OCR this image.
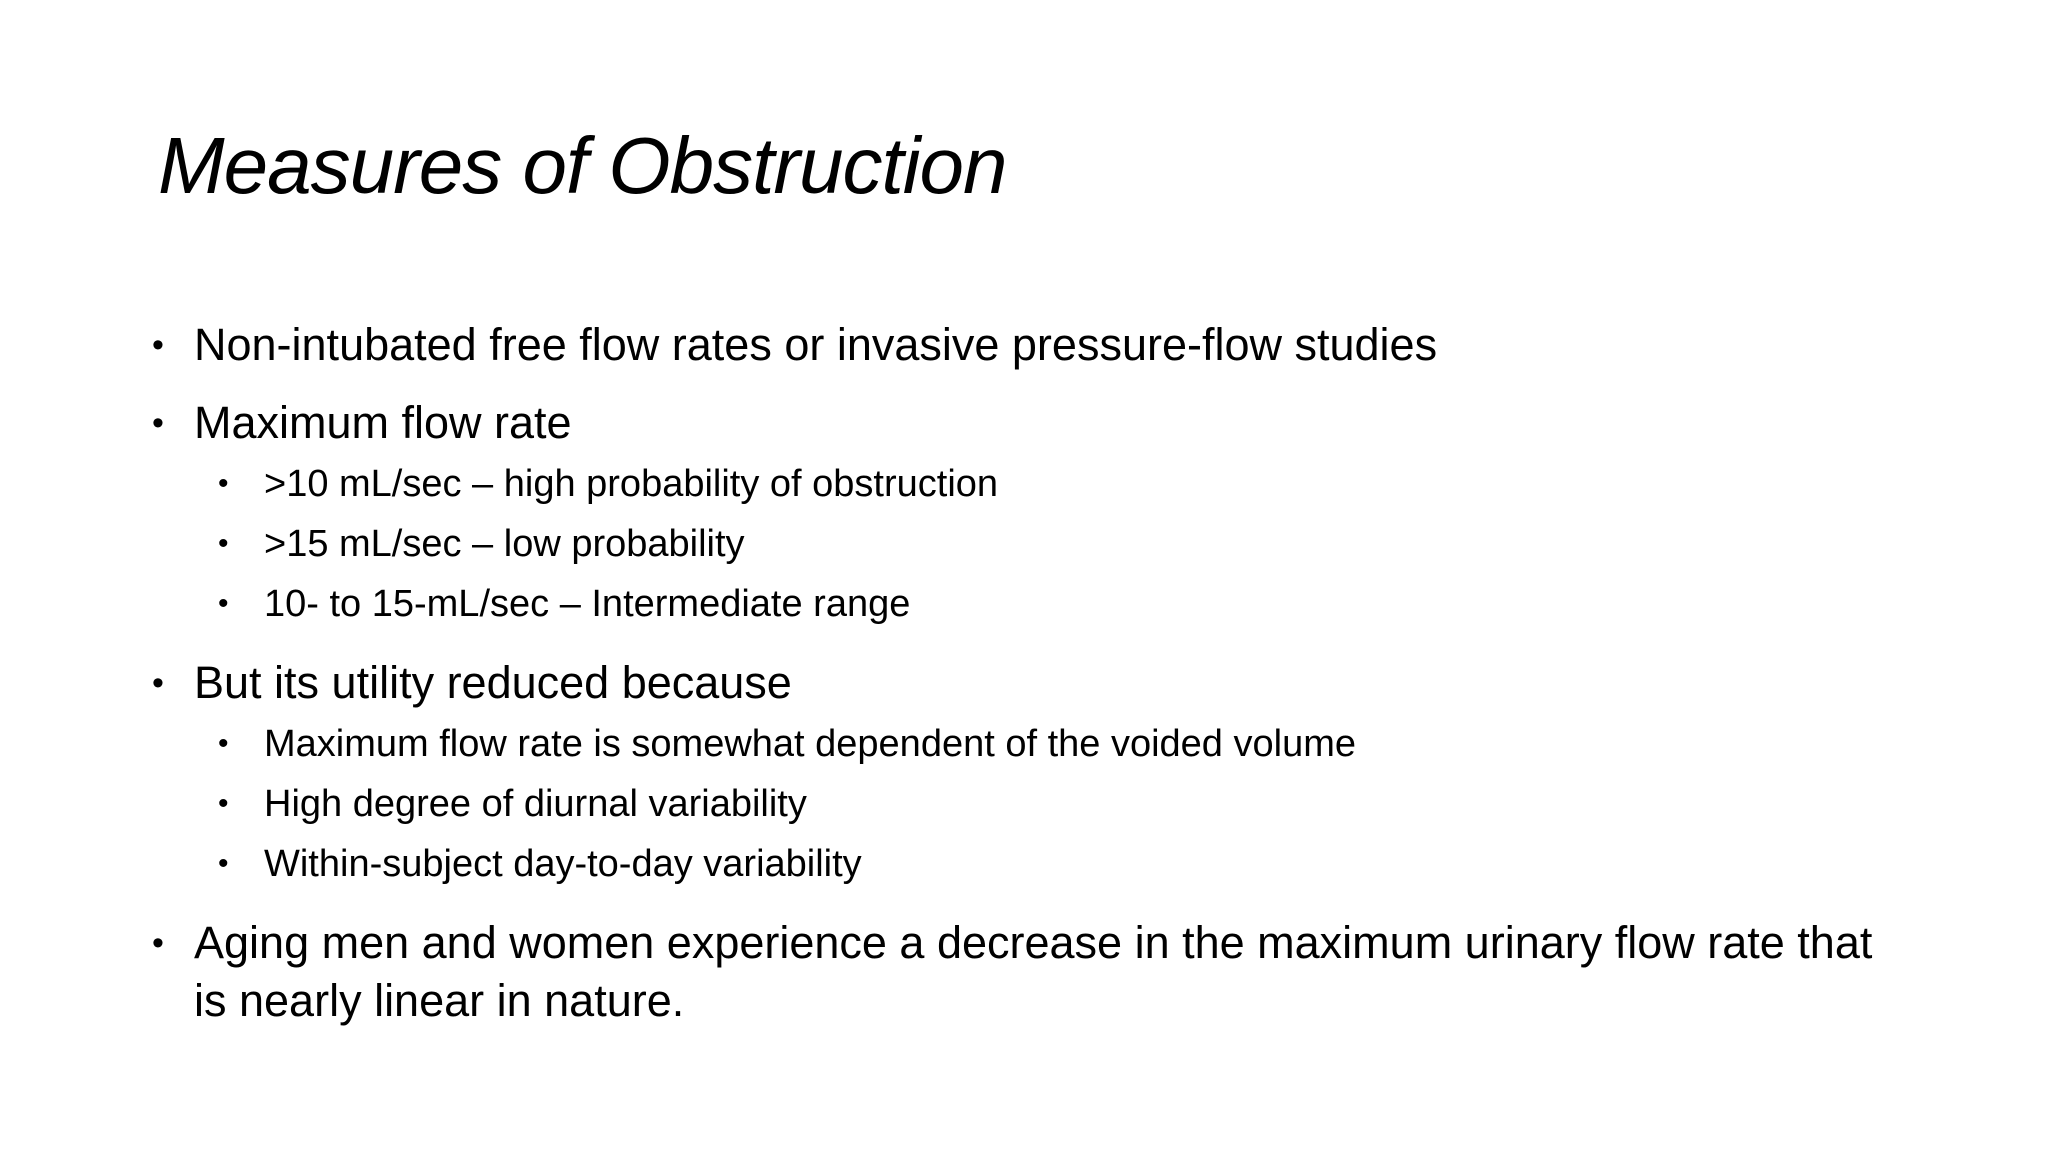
Measures of Obstruction
• Non-intubated free flow rates or invasive pressure-flow studies
• Maximum flow rate
• >10 mL/sec – high probability of obstruction
• >15 mL/sec – low probability
• 10- to 15-mL/sec – Intermediate range
• But its utility reduced because
• Maximum flow rate is somewhat dependent of the voided volume
• High degree of diurnal variability
• Within-subject day-to-day variability
• Aging men and women experience a decrease in the maximum urinary flow rate that is nearly linear in nature.
